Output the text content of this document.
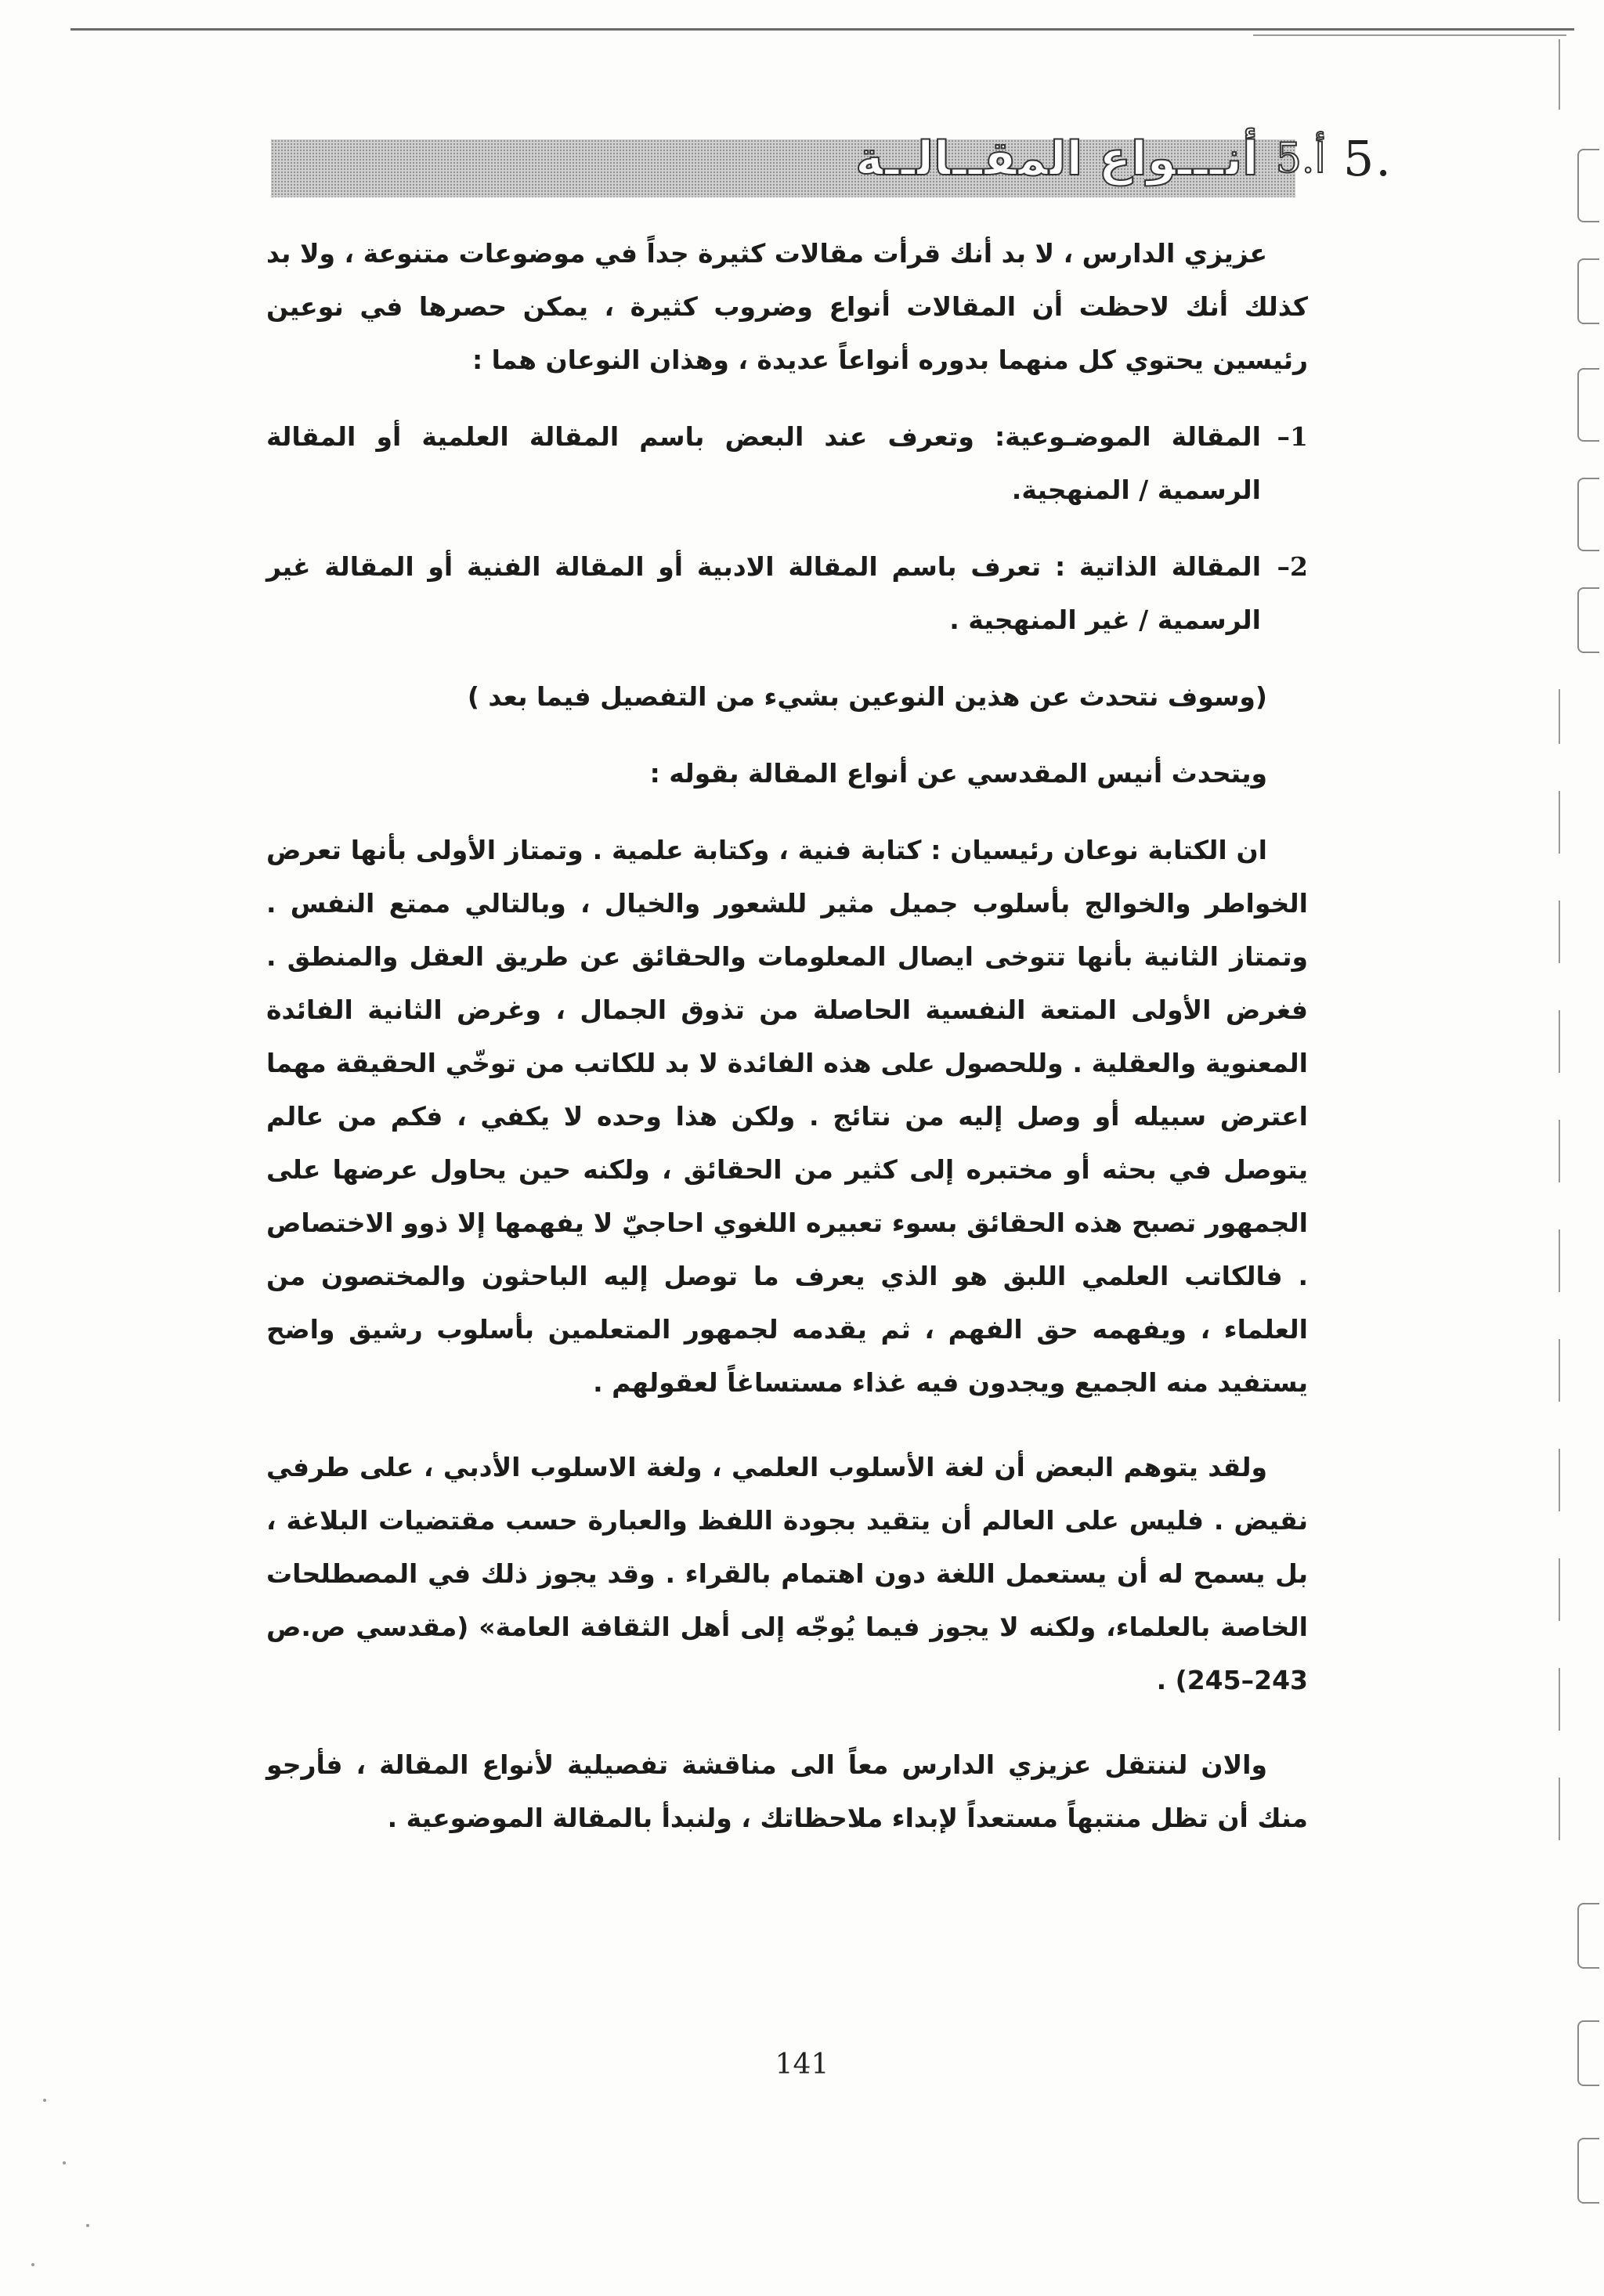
5.
5.أ
أنـــواع المقــالــة

عزيزي الدارس ، لا بد أنك قرأت مقالات كثيرة جداً في موضوعات متنوعة ، ولا بد كذلك أنك لاحظت أن المقالات أنواع وضروب كثيرة ، يمكن حصرها في نوعين رئيسين يحتوي كل منهما بدوره أنواعاً عديدة ، وهذان النوعان هما :

1–
المقالة الموضـوعية: وتعرف عند البعض باسم المقالة العلمية أو المقالة الرسمية / المنهجية.
2–
المقالة الذاتية : تعرف باسم المقالة الادبية أو المقالة الفنية أو المقالة غير الرسمية / غير المنهجية .

(وسوف نتحدث عن هذين النوعين بشيء من التفصيل فيما بعد )

ويتحدث أنيس المقدسي عن أنواع المقالة بقوله :

ان الكتابة نوعان رئيسيان : كتابة فنية ، وكتابة علمية . وتمتاز الأولى بأنها تعرض الخواطر والخوالج بأسلوب جميل مثير للشعور والخيال ، وبالتالي ممتع النفس . وتمتاز الثانية بأنها تتوخى ايصال المعلومات والحقائق عن طريق العقل والمنطق . فغرض الأولى المتعة النفسية الحاصلة من تذوق الجمال ، وغرض الثانية الفائدة المعنوية والعقلية . وللحصول على هذه الفائدة لا بد للكاتب من توخّي الحقيقة مهما اعترض سبيله أو وصل إليه من نتائج . ولكن هذا وحده لا يكفي ، فكم من عالم يتوصل في بحثه أو مختبره إلى كثير من الحقائق ، ولكنه حين يحاول عرضها على الجمهور تصبح هذه الحقائق بسوء تعبيره اللغوي احاجيّ لا يفهمها إلا ذوو الاختصاص . فالكاتب العلمي اللبق هو الذي يعرف ما توصل إليه الباحثون والمختصون من العلماء ، ويفهمه حق الفهم ، ثم يقدمه لجمهور المتعلمين بأسلوب رشيق واضح يستفيد منه الجميع ويجدون فيه غذاء مستساغاً لعقولهم .

ولقد يتوهم البعض أن لغة الأسلوب العلمي ، ولغة الاسلوب الأدبي ، على طرفي نقيض . فليس على العالم أن يتقيد بجودة اللفظ والعبارة حسب مقتضيات البلاغة ، بل يسمح له أن يستعمل اللغة دون اهتمام بالقراء . وقد يجوز ذلك في المصطلحات الخاصة بالعلماء، ولكنه لا يجوز فيما يُوجّه إلى أهل الثقافة العامة» (مقدسي ص.ص 243–245) .

والان لننتقل عزيزي الدارس معاً الى مناقشة تفصيلية لأنواع المقالة ، فأرجو منك أن تظل منتبهاً مستعداً لإبداء ملاحظاتك ، ولنبدأ بالمقالة الموضوعية .

141
